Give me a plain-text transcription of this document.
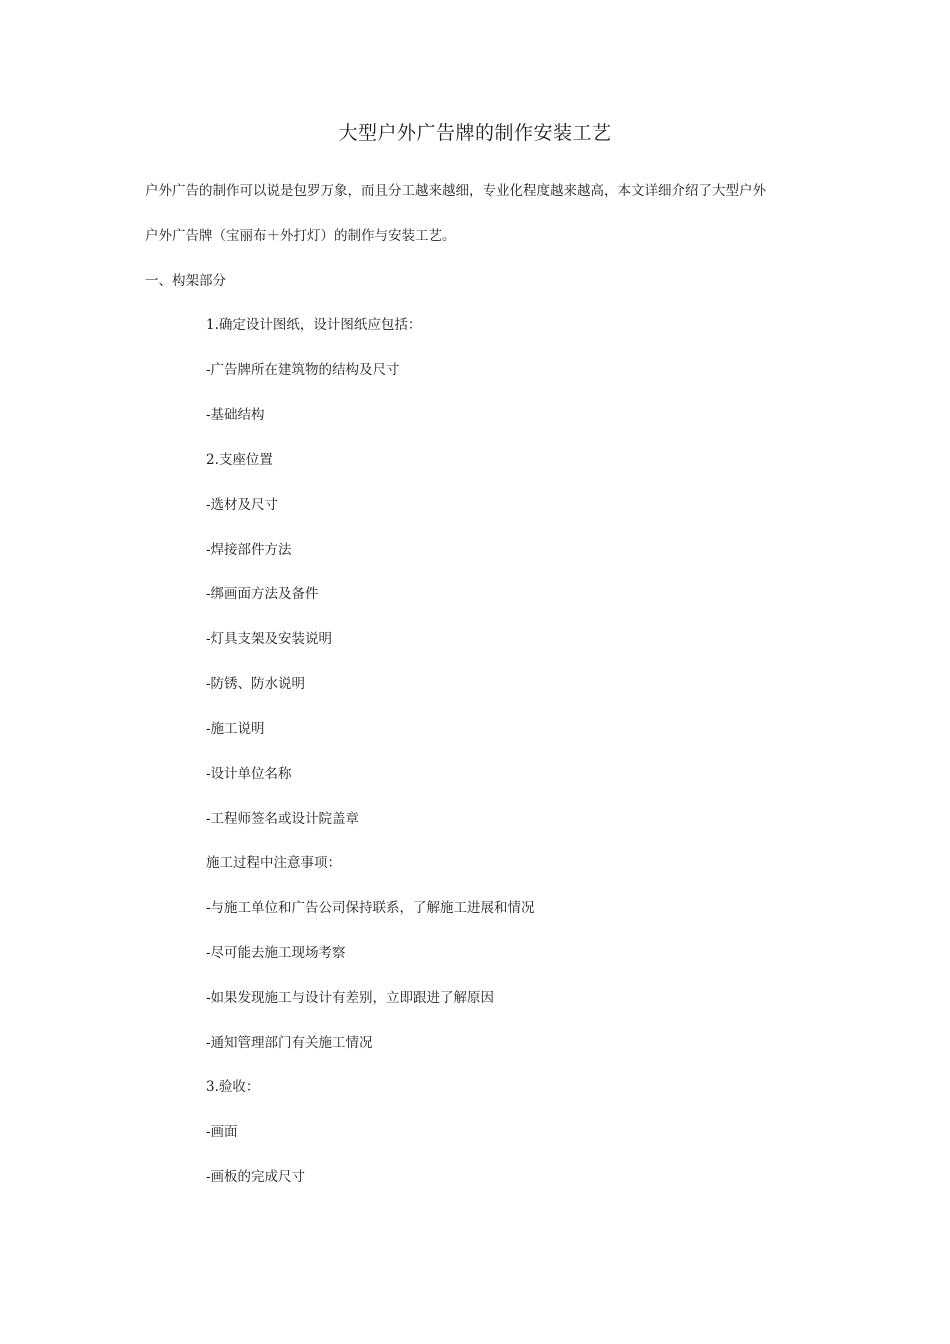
大型户外广告牌的制作安装工艺
户外广告的制作可以说是包罗万象，而且分工越来越细，专业化程度越来越高，本文详细介绍了大型户外
户外广告牌（宝丽布＋外打灯）的制作与安装工艺。
一、构架部分
1.确定设计图纸，设计图纸应包括：
-广告牌所在建筑物的结构及尺寸
-基础结构
2.支座位置
-选材及尺寸
-焊接部件方法
-绑画面方法及备件
-灯具支架及安装说明
-防锈、防水说明
-施工说明
-设计单位名称
-工程师签名或设计院盖章
施工过程中注意事项：
-与施工单位和广告公司保持联系，了解施工进展和情况
-尽可能去施工现场考察
-如果发现施工与设计有差别，立即跟进了解原因
-通知管理部门有关施工情况
3.验收：
-画面
-画板的完成尺寸
